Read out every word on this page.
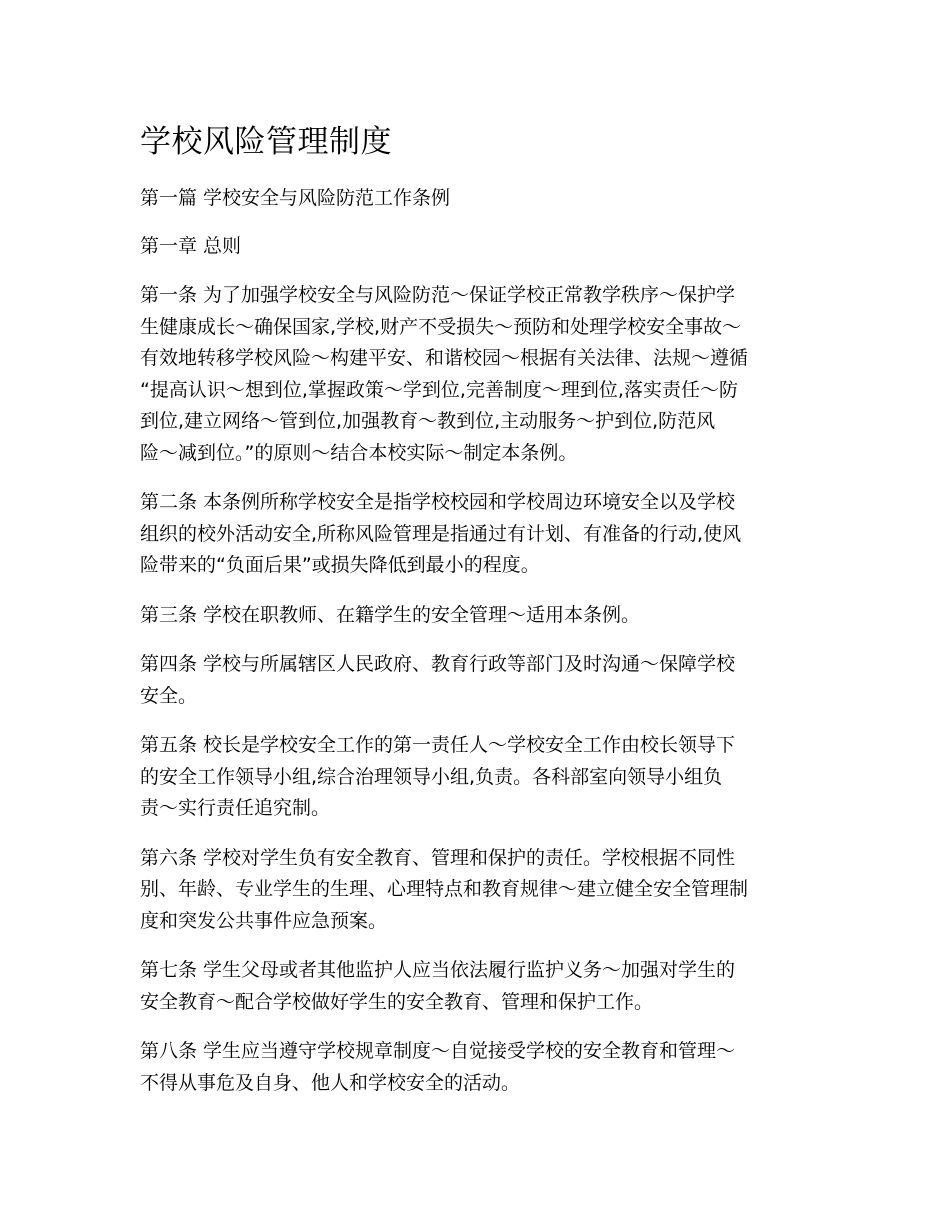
学校风险管理制度
第一篇 学校安全与风险防范工作条例
第一章 总则

第一条 为了加强学校安全与风险防范～保证学校正常教学秩序～保护学
生健康成长～确保国家,学校,财产不受损失～预防和处理学校安全事故～
有效地转移学校风险～构建平安、和谐校园～根据有关法律、法规～遵循
“提高认识～想到位,掌握政策～学到位,完善制度～理到位,落实责任～防
到位,建立网络～管到位,加强教育～教到位,主动服务～护到位,防范风
险～减到位。”的原则～结合本校实际～制定本条例。

第二条 本条例所称学校安全是指学校校园和学校周边环境安全以及学校
组织的校外活动安全,所称风险管理是指通过有计划、有准备的行动,使风
险带来的“负面后果”或损失降低到最小的程度。

第三条 学校在职教师、在籍学生的安全管理～适用本条例。

第四条 学校与所属辖区人民政府、教育行政等部门及时沟通～保障学校
安全。

第五条 校长是学校安全工作的第一责任人～学校安全工作由校长领导下
的安全工作领导小组,综合治理领导小组,负责。各科部室向领导小组负
责～实行责任追究制。

第六条 学校对学生负有安全教育、管理和保护的责任。学校根据不同性
别、年龄、专业学生的生理、心理特点和教育规律～建立健全安全管理制
度和突发公共事件应急预案。

第七条 学生父母或者其他监护人应当依法履行监护义务～加强对学生的
安全教育～配合学校做好学生的安全教育、管理和保护工作。

第八条 学生应当遵守学校规章制度～自觉接受学校的安全教育和管理～
不得从事危及自身、他人和学校安全的活动。
